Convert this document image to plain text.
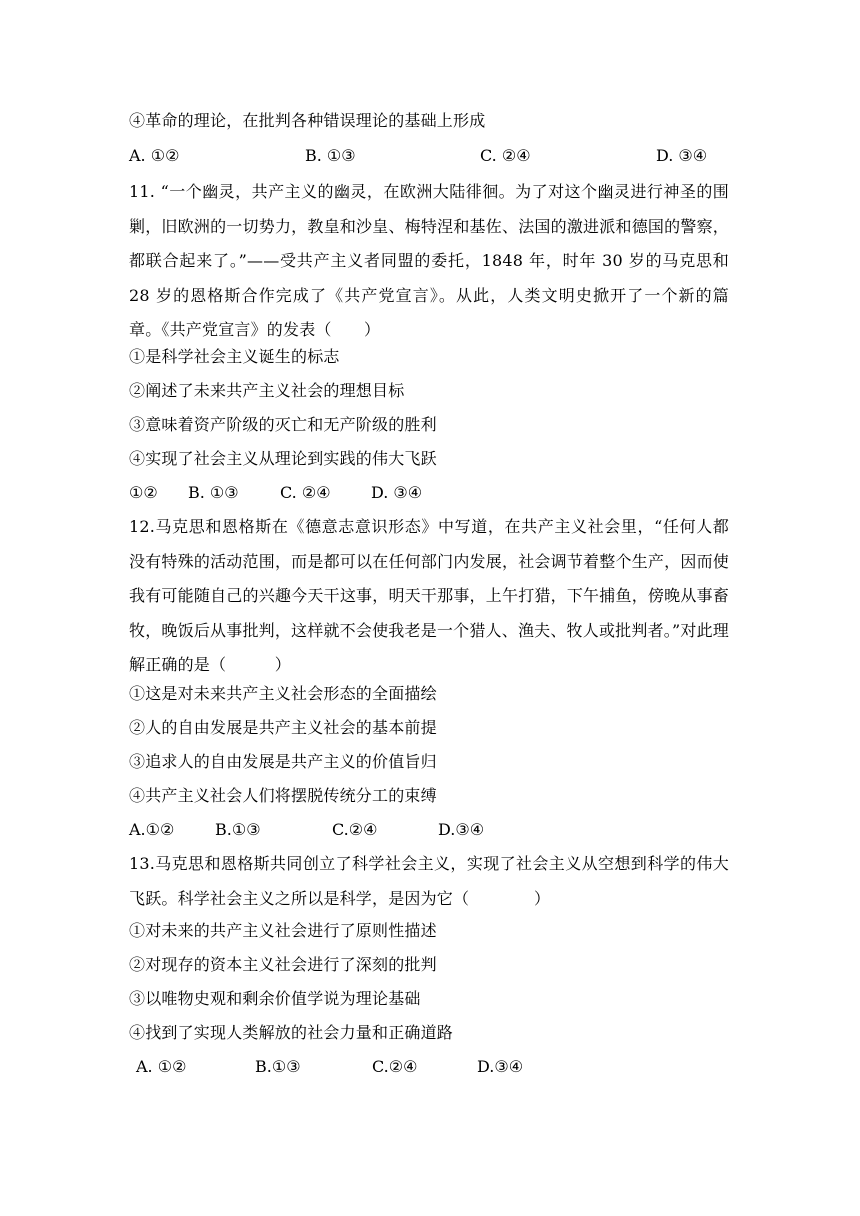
④革命的理论，在批判各种错误理论的基础上形成
A. ①②	B. ①③	C. ②④	D. ③④
11. “一个幽灵，共产主义的幽灵，在欧洲大陆徘徊。为了对这个幽灵进行神圣的围剿，旧欧洲的一切势力，教皇和沙皇、梅特涅和基佐、法国的激进派和德国的警察，都联合起来了。”——受共产主义者同盟的委托，1848 年，时年 30 岁的马克思和 28 岁的恩格斯合作完成了《共产党宣言》。从此，人类文明史掀开了一个新的篇章。《共产党宣言》的发表（　　）
①是科学社会主义诞生的标志
②阐述了未来共产主义社会的理想目标
③意味着资产阶级的灭亡和无产阶级的胜利
④实现了社会主义从理论到实践的伟大飞跃
①② B. ①③	C. ②④	D. ③④
12.马克思和恩格斯在《德意志意识形态》中写道，在共产主义社会里，“任何人都没有特殊的活动范围，而是都可以在任何部门内发展，社会调节着整个生产，因而使我有可能随自己的兴趣今天干这事，明天干那事，上午打猎，下午捕鱼，傍晚从事畜牧，晚饭后从事批判，这样就不会使我老是一个猎人、渔夫、牧人或批判者。”对此理解正确的是（　　　）
①这是对未来共产主义社会形态的全面描绘
②人的自由发展是共产主义社会的基本前提
③追求人的自由发展是共产主义的价值旨归
④共产主义社会人们将摆脱传统分工的束缚
A.①②	B.①③	C.②④	D.③④
13.马克思和恩格斯共同创立了科学社会主义，实现了社会主义从空想到科学的伟大飞跃。科学社会主义之所以是科学，是因为它（　　　　）
①对未来的共产主义社会进行了原则性描述
②对现存的资本主义社会进行了深刻的批判
③以唯物史观和剩余价值学说为理论基础
④找到了实现人类解放的社会力量和正确道路
A. ①②	B.①③	C.②④	D.③④
